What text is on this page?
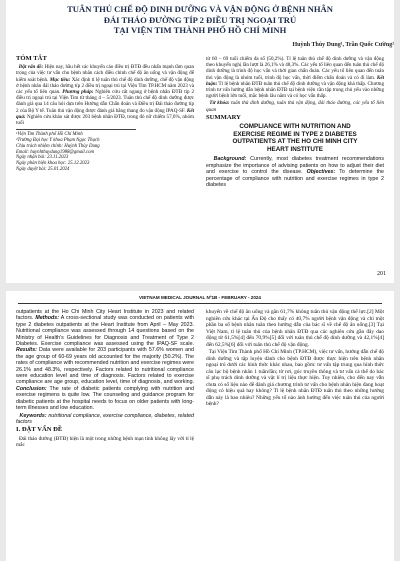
TUÂN THỦ CHẾ ĐỘ DINH DƯỠNG VÀ VẬN ĐỘNG Ở BỆNH NHÂN
ĐÁI THÁO ĐƯỜNG TÍP 2 ĐIỀU TRỊ NGOẠI TRÚ
TẠI VIỆN TIM THÀNH PHỐ HỒ CHÍ MINH
Huỳnh Thùy Dung¹, Trần Quốc Cường²
TÓM TẮT

Đặt vấn đề: Hiện nay, hầu hết các khuyến cáo điều trị ĐTĐ đều nhấn mạnh tầm quan trọng của việc tư vấn cho bệnh nhân cách điều chỉnh chế độ ăn uống và vận động để kiểm soát bệnh. Mục tiêu: Xác định tỉ lệ tuân thủ chế độ dinh dưỡng, chế độ vận động ở bệnh nhân đái tháo đường típ 2 điều trị ngoại trú tại Viện Tim TP.HCM năm 2023 và các yếu tố liên quan. Phương pháp: Nghiên cứu cắt ngang ở bệnh nhân ĐTĐ típ 2 điều trị ngoại trú tại Viện Tim từ tháng 4 – 5/2023. Tuân thủ chế độ dinh dưỡng được đánh giá qua 14 câu hỏi dựa trên Hướng dẫn Chẩn đoán và Điều trị Đái tháo đường típ 2 của Bộ Y tế. Tuân thủ vận động được đánh giá bằng thang đo vận động IPAQ-SF. Kết quả: Nghiên cứu khảo sát được 203 bệnh nhân ĐTĐ, trong đó nữ chiếm 57,6%, nhóm tuổi

¹Viện Tim Thành phố Hồ Chí Minh

²Trường Đại học Y khoa Phạm Ngọc Thạch

Chịu trách nhiệm chính: Huỳnh Thùy Dung

Email: huynhthuydung1988@gmail.com

Ngày nhận bài: 23.11.2023

Ngày phản biện khoa học: 25.12.2023

Ngày duyệt bài: 25.01.2024

từ 60 – 69 tuổi chiếm đa số (50,2%). Tỉ lệ tuân thủ chế độ dinh dưỡng và vận động theo khuyến nghị lần lượt là 26,1% và 48,3%. Các yếu tố liên quan đến tuân thủ chế độ dinh dưỡng là trình độ học vấn và thời gian chẩn đoán. Các yếu tố liên quan đến tuân thủ vận động là nhóm tuổi, trình độ học vấn, thời điểm chẩn đoán và có đi làm. Kết luận: Tỉ lệ bệnh nhân ĐTĐ tuân thủ chế độ dinh dưỡng và vận động khá thấp. Chương trình tư vấn hướng dẫn bệnh nhân ĐTĐ tại bệnh viện cần tập trung chủ yếu vào những người bệnh lớn tuổi, mắc bệnh lâu năm và có học vấn thấp.

Từ khóa: tuân thủ dinh dưỡng, tuân thủ vận động, đái tháo đường, các yếu tố liên quan

SUMMARY
COMPLIANCE WITH NUTRITION AND
EXERCISE REGIME IN TYPE 2 DIABETES
OUTPATIENTS AT THE HO CHI MINH CITY
HEART INSTITUTE

Background: Currently, most diabetes treatment recommendations emphasize the importance of advising patients on how to adjust their diet and exercise to control the disease. Objectives: To determine the percentage of compliance with nutrition and exercise regimes in type 2 diabetes

201
VIETNAM MEDICAL JOURNAL Nº1B - FEBRUARY - 2024

outpatients at the Ho Chi Minh City Heart Institute in 2023 and related factors. Methods: A cross-sectional study was conducted on patients with type 2 diabetes outpatients at the Heart Institute from April – May 2023. Nutritional compliance was assessed through 14 questions based on the Ministry of Health's Guidelines for Diagnosis and Treatment of Type 2 Diabetes. Exercise compliance was assessed using the IPAQ-SF scale. Results: Data were available for 203 participants with 57.6% women and the age group of 60-69 years old accounted for the majority (50.2%). The rates of compliance with recommended nutrition and exercise regimes were 26.1% and 48.3%, respectively. Factors related to nutritional compliance were education level and time of diagnosis. Factors related to exercise compliance are age group, education level, time of diagnosis, and working. Conclusion: The rate of diabetic patients complying with nutrition and exercise regimens is quite low. The counseling and guidance program for diabetic patients at the hospital needs to focus on older patients with long-term illnesses and low education.

Keywords: nutritional compliance, exercise compliance, diabetes, related factors

I. ĐẶT VẤN ĐỀ

Đái tháo đường (ĐTĐ) hiện là một trong những bệnh mạn tính không lây với tỉ lệ mắc

khuyến về chế độ ăn uống và gắn 61,7% không tuân thủ vận động thể lực.[2] Một nghiên cứu khác tại Ấn Độ cho thấy có 40,7% người bệnh vận động và chỉ một phần ba số bệnh nhân tuân theo hướng dẫn của bác sĩ về chế độ ăn uống.[3] Tại Việt Nam, tỉ lệ tuân thủ của bệnh nhân ĐTĐ qua các nghiên cứu gần đây dao động từ 61,5%[4] đến 70,9%[5] đối với tuân thủ chế độ dinh dưỡng và 42,1%[4] đến 62,5%[6] đối với tuân thủ chế độ vận động.

Tại Viện Tim Thành phố Hồ Chí Minh (TP.HCM), việc tư vấn, hướng dẫn chế độ dinh dưỡng và tập luyện dành cho bệnh ĐTĐ được thực hiện trên bệnh nhân ngoại trú dưới các hình thức khác nhau, bao gồm: tư vấn tập trung qua hình thức câu lạc bộ bệnh nhân 1 tuần/lần; tờ rơi, góc truyền thông và tư vấn cá thể do bác sĩ phụ trách dinh dưỡng và vật lí trị liệu thực hiện. Tuy nhiên, cho đến nay vẫn chưa có số liệu nào để đánh giá chương trình tư vấn cho bệnh nhân hiện đang hoạt động có hiệu quả hay không? Tỉ lệ bệnh nhân ĐTĐ tuân thủ theo những hướng dẫn này là bao nhiêu? Những yếu tố nào ảnh hưởng đến việc tuân thủ của người bệnh?
